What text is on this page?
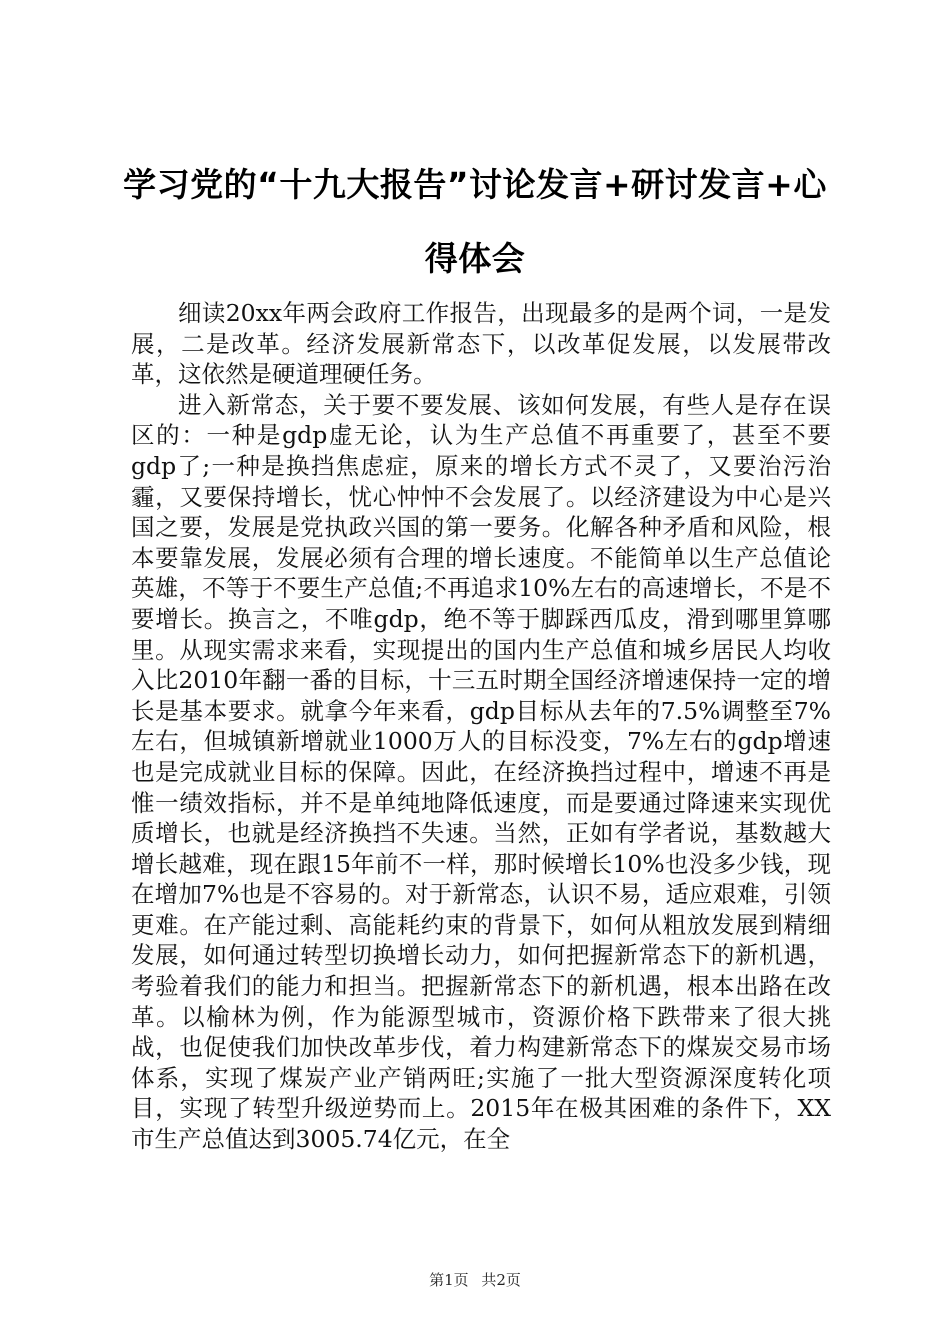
学习党的“十九大报告”讨论发言+研讨发言+心得体会

细读20xx年两会政府工作报告，出现最多的是两个词，一是发展，二是改革。经济发展新常态下，以改革促发展，以发展带改革，这依然是硬道理硬任务。

进入新常态，关于要不要发展、该如何发展，有些人是存在误区的：一种是gdp虚无论，认为生产总值不再重要了，甚至不要gdp了;一种是换挡焦虑症，原来的增长方式不灵了，又要治污治霾，又要保持增长，忧心忡忡不会发展了。以经济建设为中心是兴国之要，发展是党执政兴国的第一要务。化解各种矛盾和风险，根本要靠发展，发展必须有合理的增长速度。不能简单以生产总值论英雄，不等于不要生产总值;不再追求10%左右的高速增长，不是不要增长。换言之，不唯gdp，绝不等于脚踩西瓜皮，滑到哪里算哪里。从现实需求来看，实现提出的国内生产总值和城乡居民人均收入比2010年翻一番的目标，十三五时期全国经济增速保持一定的增长是基本要求。就拿今年来看，gdp目标从去年的7.5%调整至7%左右，但城镇新增就业1000万人的目标没变，7%左右的gdp增速也是完成就业目标的保障。因此，在经济换挡过程中，增速不再是惟一绩效指标，并不是单纯地降低速度，而是要通过降速来实现优质增长，也就是经济换挡不失速。当然，正如有学者说，基数越大增长越难，现在跟15年前不一样，那时候增长10%也没多少钱，现在增加7%也是不容易的。对于新常态，认识不易，适应艰难，引领更难。在产能过剩、高能耗约束的背景下，如何从粗放发展到精细发展，如何通过转型切换增长动力，如何把握新常态下的新机遇，考验着我们的能力和担当。把握新常态下的新机遇，根本出路在改革。以榆林为例，作为能源型城市，资源价格下跌带来了很大挑战，也促使我们加快改革步伐，着力构建新常态下的煤炭交易市场体系，实现了煤炭产业产销两旺;实施了一批大型资源深度转化项目，实现了转型升级逆势而上。2015年在极其困难的条件下，XX市生产总值达到3005.74亿元，在全

第1页 共2页
